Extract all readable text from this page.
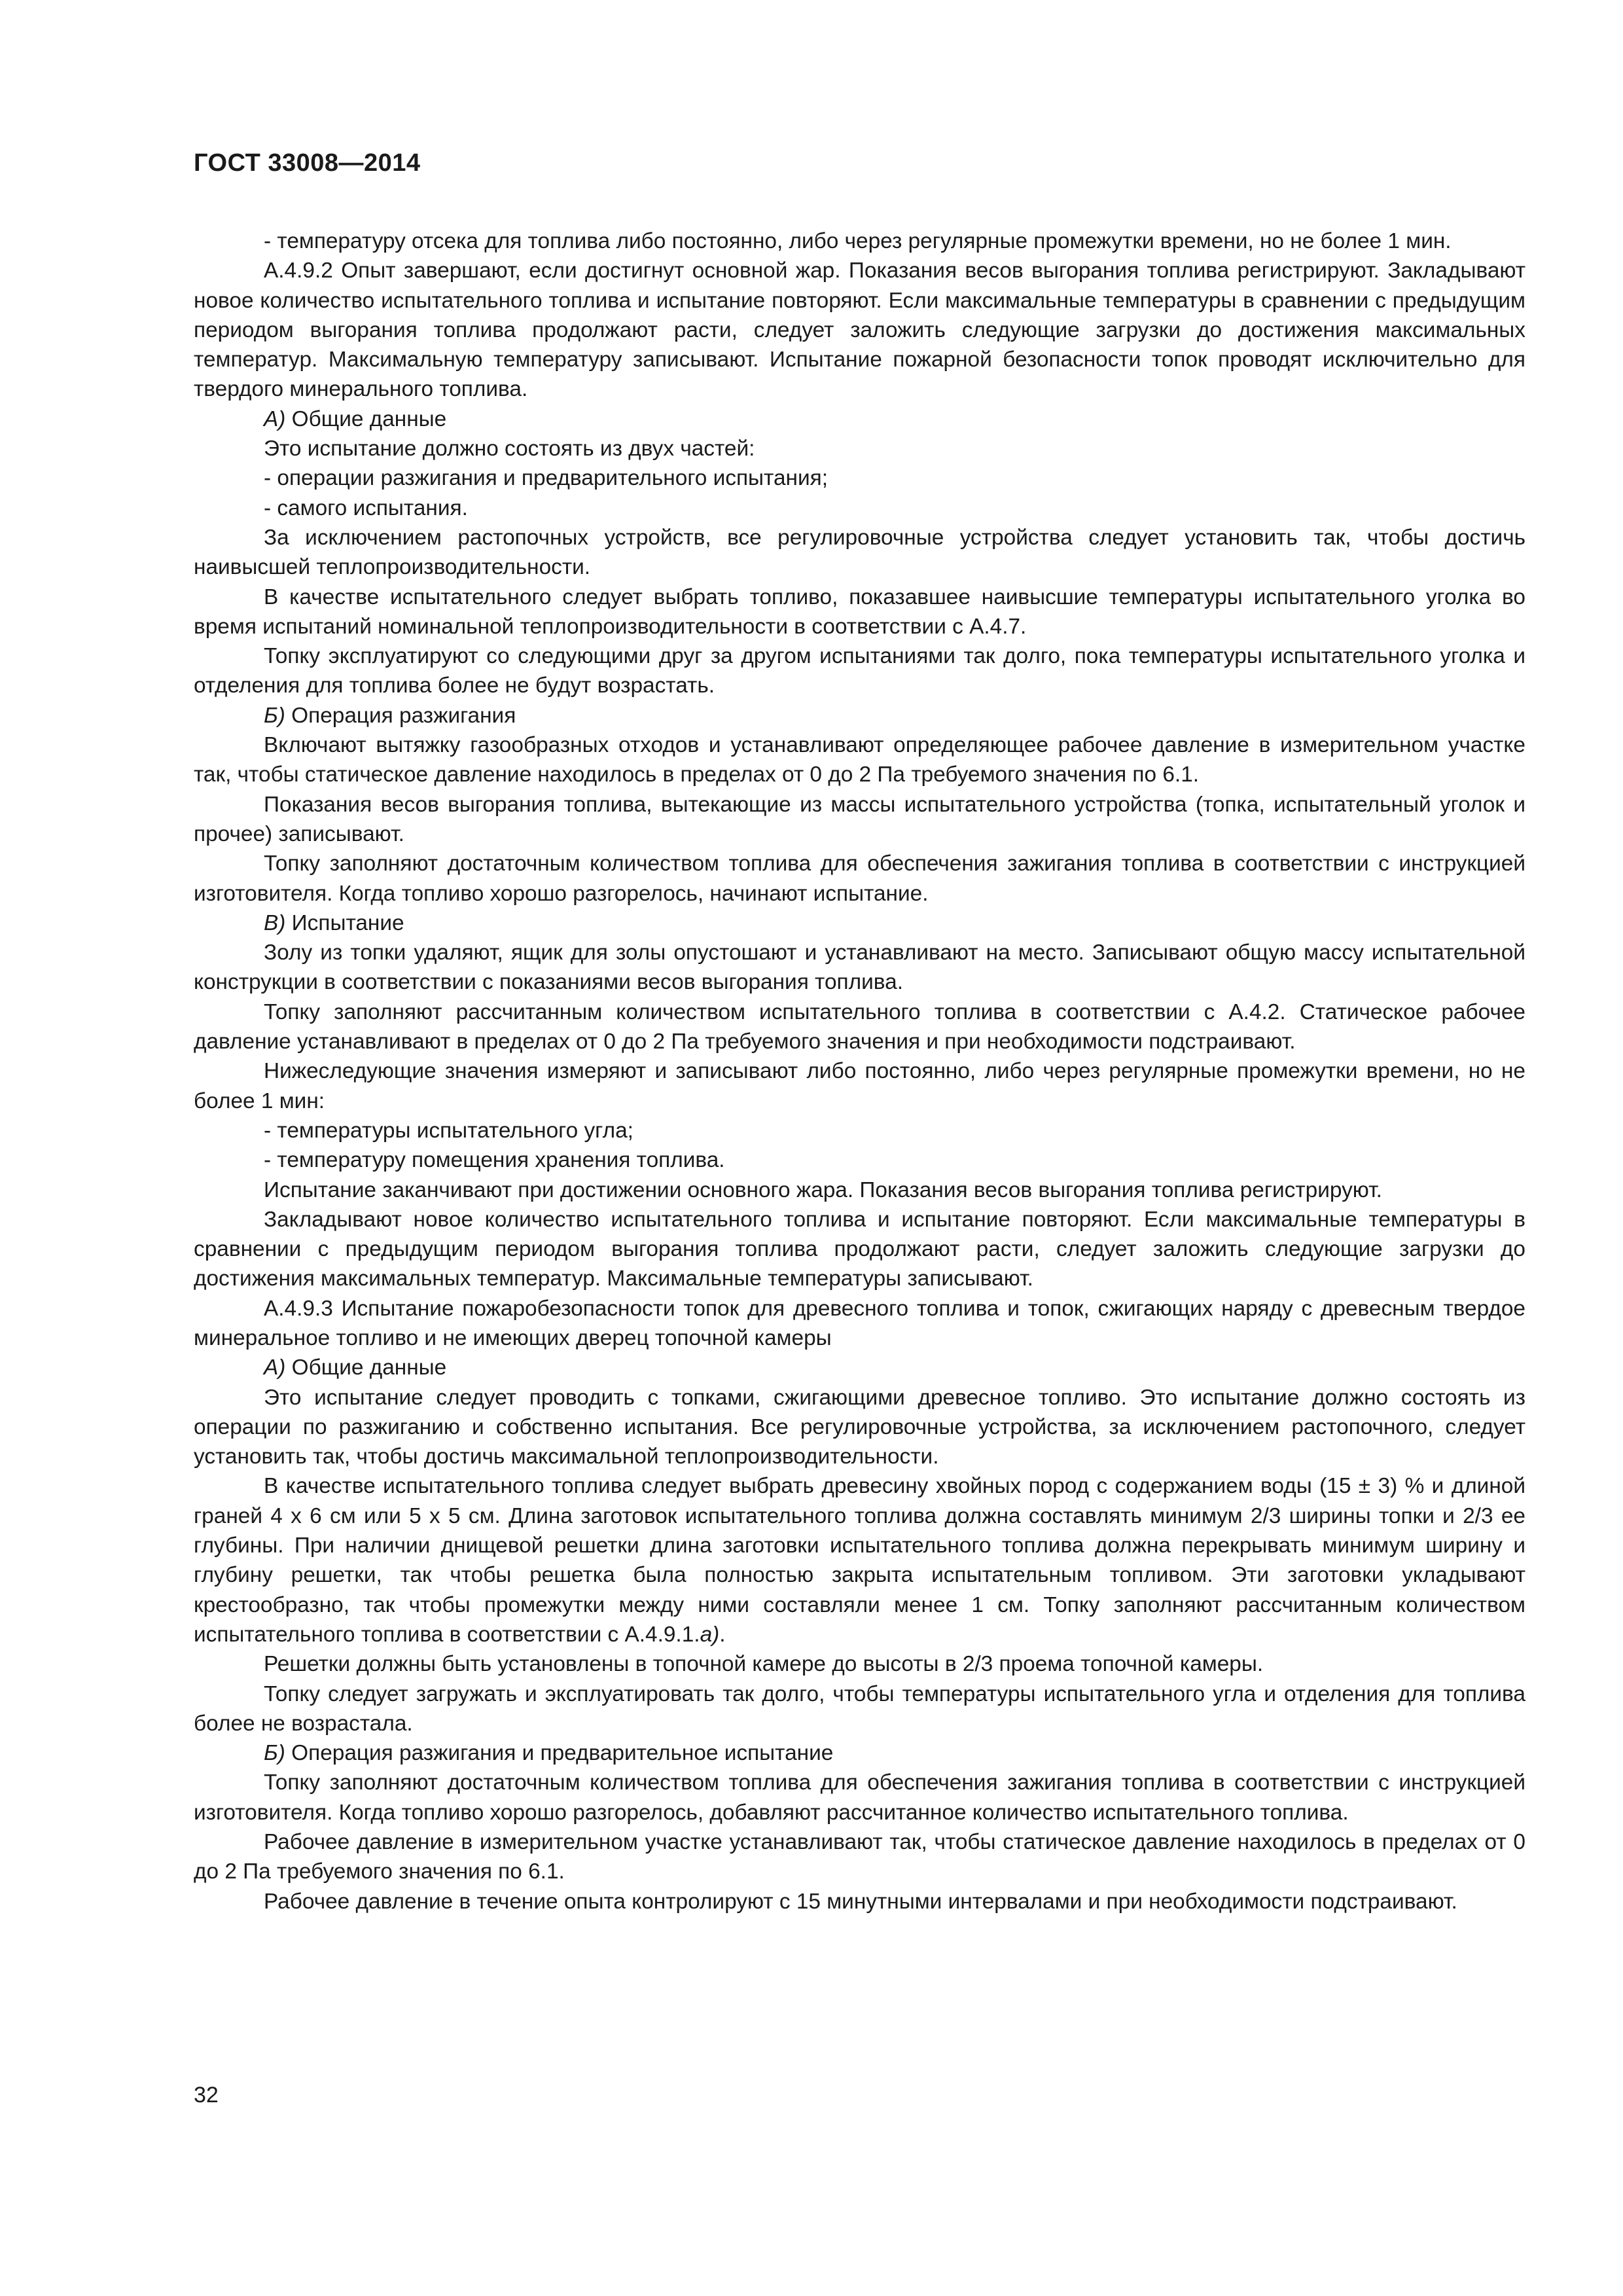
ГОСТ 33008—2014

- температуру отсека для топлива либо постоянно, либо через регулярные промежутки времени, но не более 1 мин.

А.4.9.2 Опыт завершают, если достигнут основной жар. Показания весов выгорания топлива регистрируют. Закладывают новое количество испытательного топлива и испытание повторяют. Если максимальные температуры в сравнении с предыдущим периодом выгорания топлива продолжают расти, следует заложить следующие загрузки до достижения максимальных температур. Максимальную температуру записывают. Испытание пожарной безопасности топок проводят исключительно для твердого минерального топлива.

А) Общие данные

Это испытание должно состоять из двух частей:

- операции разжигания и предварительного испытания;

- самого испытания.

За исключением растопочных устройств, все регулировочные устройства следует установить так, чтобы достичь наивысшей теплопроизводительности.

В качестве испытательного следует выбрать топливо, показавшее наивысшие температуры испытательного уголка во время испытаний номинальной теплопроизводительности в соответствии с А.4.7.

Топку эксплуатируют со следующими друг за другом испытаниями так долго, пока температуры испытательного уголка и отделения для топлива более не будут возрастать.

Б) Операция разжигания

Включают вытяжку газообразных отходов и устанавливают определяющее рабочее давление в измерительном участке так, чтобы статическое давление находилось в пределах от 0 до 2 Па требуемого значения по 6.1.

Показания весов выгорания топлива, вытекающие из массы испытательного устройства (топка, испытательный уголок и прочее) записывают.

Топку заполняют достаточным количеством топлива для обеспечения зажигания топлива в соответствии с инструкцией изготовителя. Когда топливо хорошо разгорелось, начинают испытание.

В) Испытание

Золу из топки удаляют, ящик для золы опустошают и устанавливают на место. Записывают общую массу испытательной конструкции в соответствии с показаниями весов выгорания топлива.

Топку заполняют рассчитанным количеством испытательного топлива в соответствии с А.4.2. Статическое рабочее давление устанавливают в пределах от 0 до 2 Па требуемого значения и при необходимости подстраивают.

Нижеследующие значения измеряют и записывают либо постоянно, либо через регулярные промежутки времени, но не более 1 мин:

- температуры испытательного угла;

- температуру помещения хранения топлива.

Испытание заканчивают при достижении основного жара. Показания весов выгорания топлива регистрируют.

Закладывают новое количество испытательного топлива и испытание повторяют. Если максимальные температуры в сравнении с предыдущим периодом выгорания топлива продолжают расти, следует заложить следующие загрузки до достижения максимальных температур. Максимальные температуры записывают.

А.4.9.3 Испытание пожаробезопасности топок для древесного топлива и топок, сжигающих наряду с древесным твердое минеральное топливо и не имеющих дверец топочной камеры

А) Общие данные

Это испытание следует проводить с топками, сжигающими древесное топливо. Это испытание должно состоять из операции по разжиганию и собственно испытания. Все регулировочные устройства, за исключением растопочного, следует установить так, чтобы достичь максимальной теплопроизводительности.

В качестве испытательного топлива следует выбрать древесину хвойных пород с содержанием воды (15 ± 3) % и длиной граней 4 х 6 см или 5 х 5 см. Длина заготовок испытательного топлива должна составлять минимум 2/3 ширины топки и 2/3 ее глубины. При наличии днищевой решетки длина заготовки испытательного топлива должна перекрывать минимум ширину и глубину решетки, так чтобы решетка была полностью закрыта испытательным топливом. Эти заготовки укладывают крестообразно, так чтобы промежутки между ними составляли менее 1 см. Топку заполняют рассчитанным количеством испытательного топлива в соответствии с А.4.9.1.а).

Решетки должны быть установлены в топочной камере до высоты в 2/3 проема топочной камеры.

Топку следует загружать и эксплуатировать так долго, чтобы температуры испытательного угла и отделения для топлива более не возрастала.

Б) Операция разжигания и предварительное испытание

Топку заполняют достаточным количеством топлива для обеспечения зажигания топлива в соответствии с инструкцией изготовителя. Когда топливо хорошо разгорелось, добавляют рассчитанное количество испытательного топлива.

Рабочее давление в измерительном участке устанавливают так, чтобы статическое давление находилось в пределах от 0 до 2 Па требуемого значения по 6.1.

Рабочее давление в течение опыта контролируют с 15 минутными интервалами и при необходимости подстраивают.

32
